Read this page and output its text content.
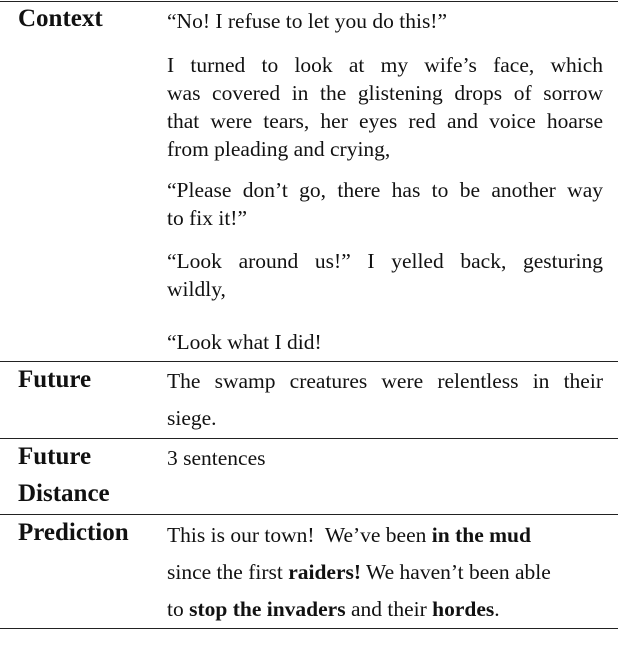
Context	“No! I refuse to let you do this!”
I turned to look at my wife’s face, which
was covered in the glistening drops of sorrow
that were tears, her eyes red and voice hoarse
from pleading and crying,
“Please don’t go, there has to be another way
to fix it!”
“Look around us!” I yelled back, gesturing
wildly,
“Look what I did!
Future	The swamp creatures were relentless in their
siege.
Future
Distance
3 sentences
Prediction This is our town!  We’ve been in the mud
since the first raiders! We haven’t been able
to stop the invaders and their hordes.
